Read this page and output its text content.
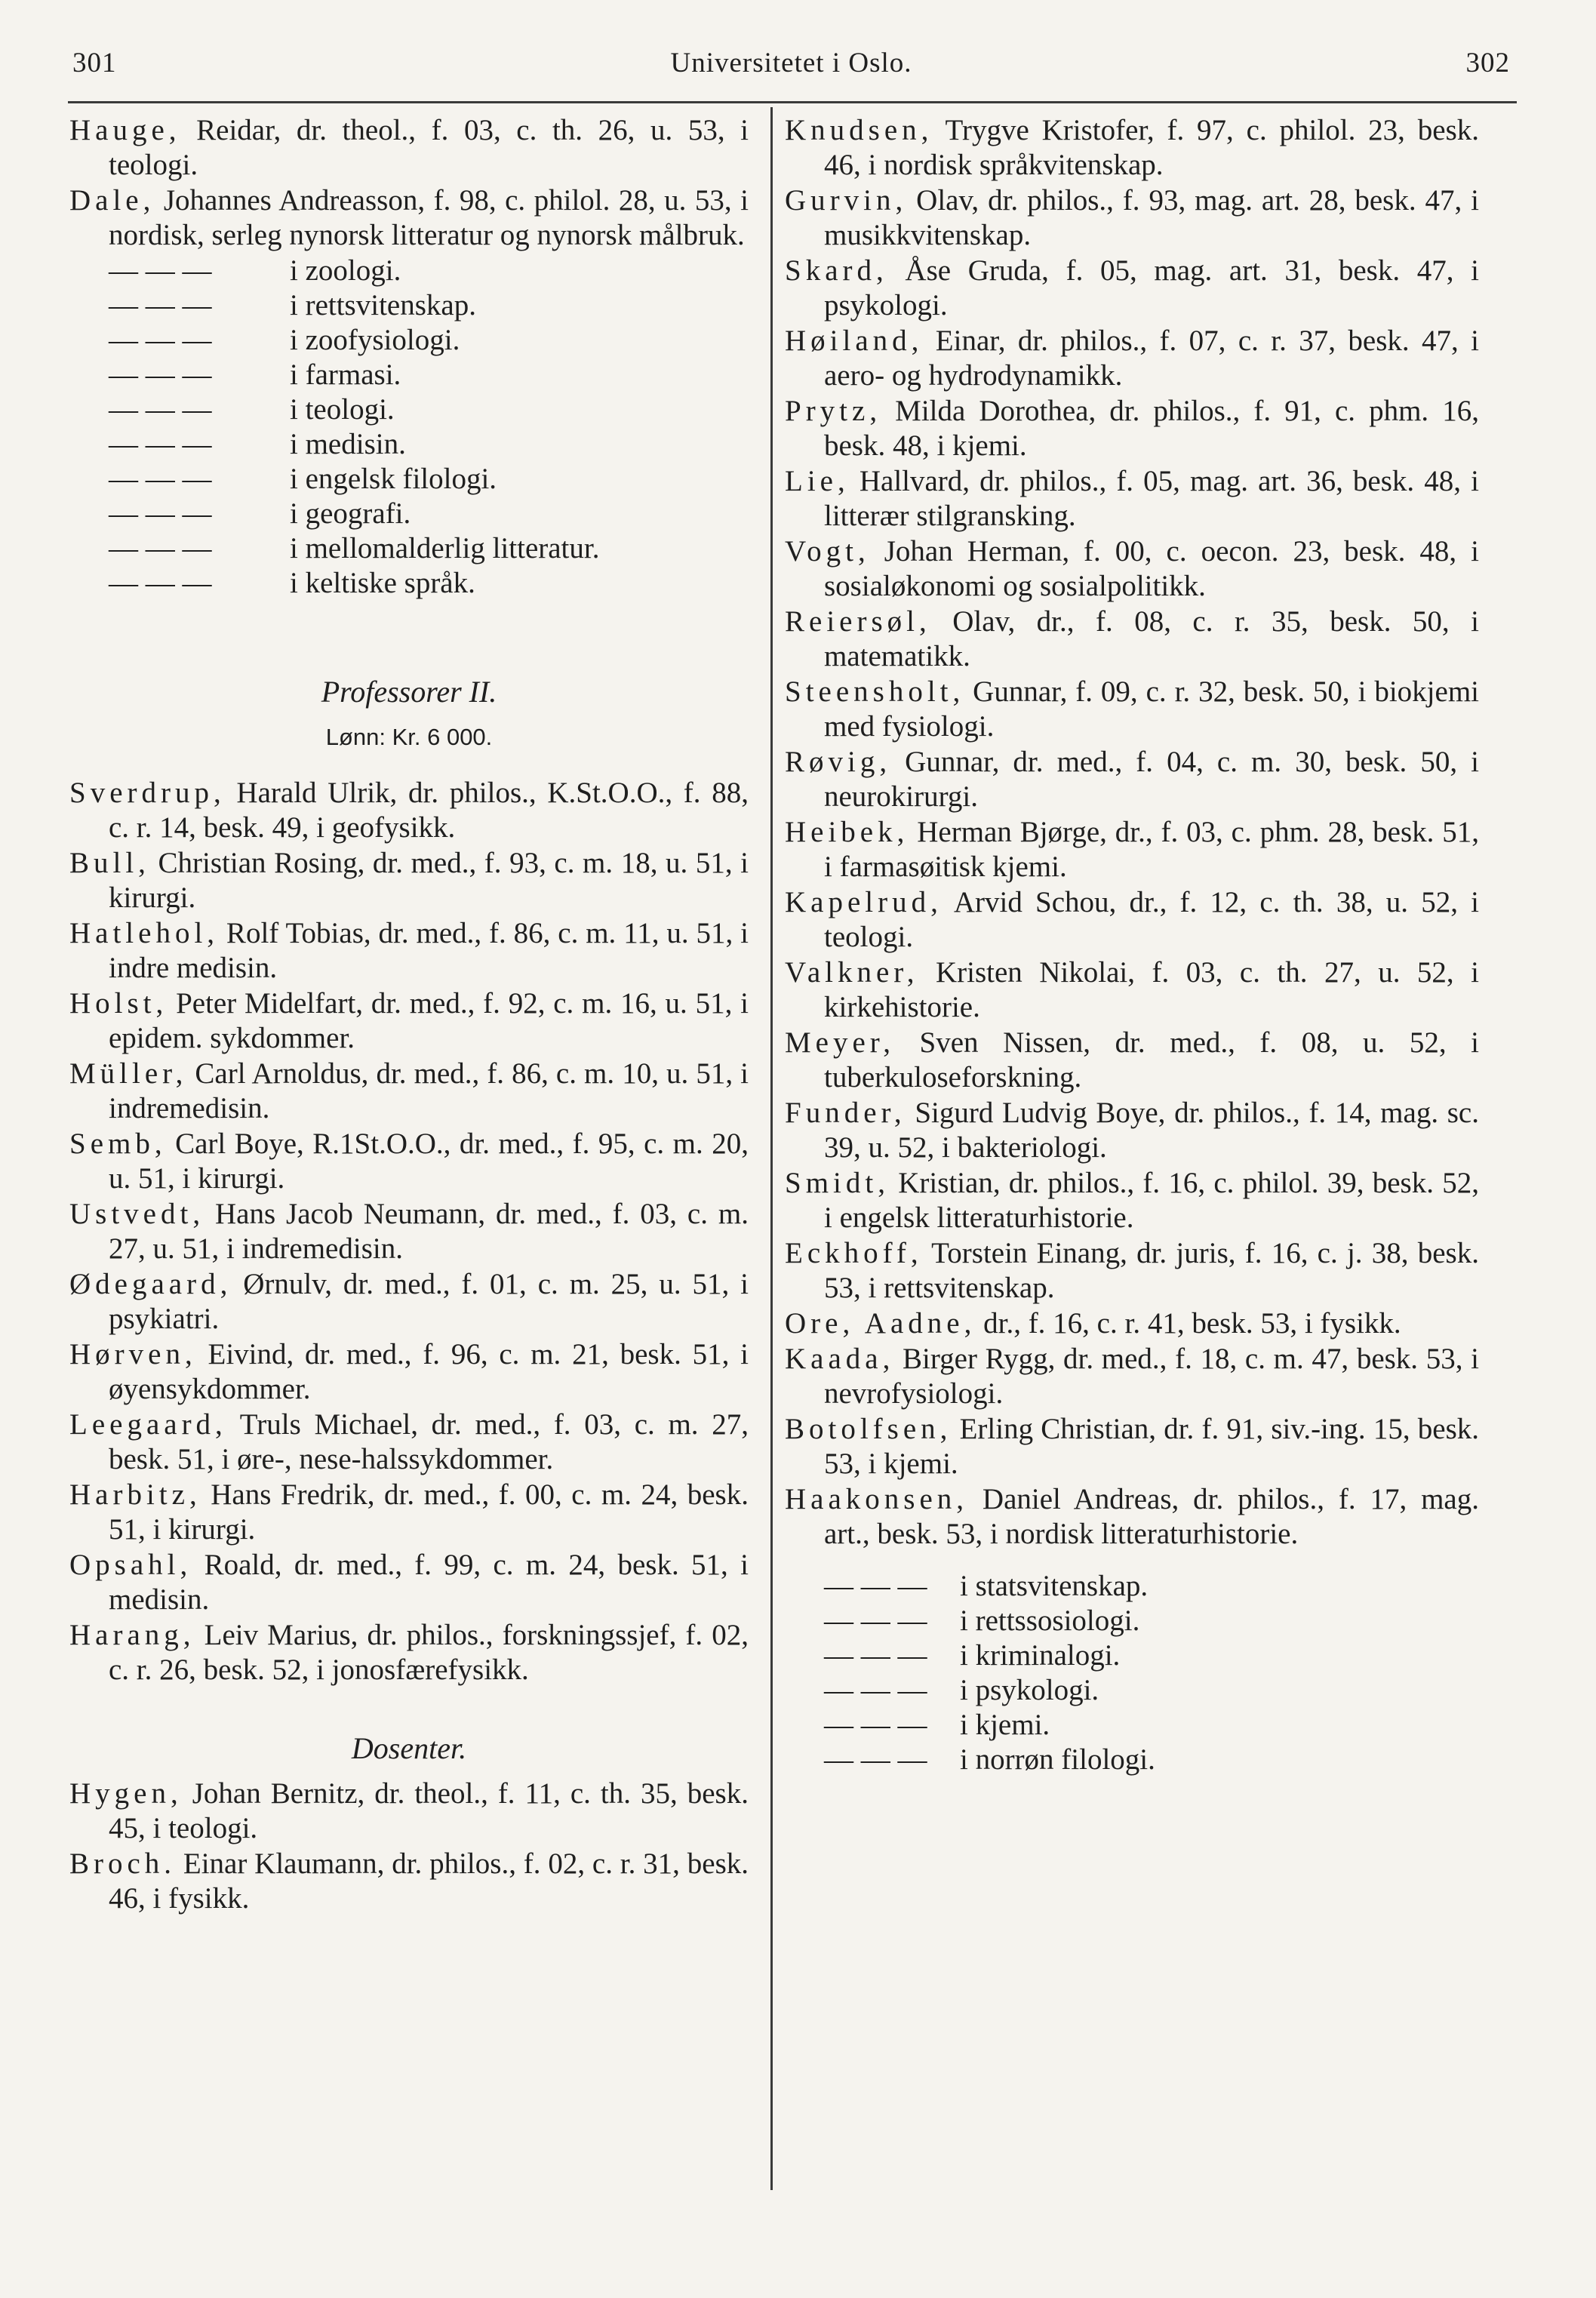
301	Universitetet i Oslo.	302
Hauge, Reidar, dr. theol., f. 03, c. th. 26, u. 53, i teologi.
Dale, Johannes Andreasson, f. 98, c. philol. 28, u. 53, i nordisk, serleg nynorsk litteratur og nynorsk målbruk.
— — —	i zoologi.
— — —	i rettsvitenskap.
— — —	i zoofysiologi.
— — —	i farmasi.
— — —	i teologi.
— — —	i medisin.
— — —	i engelsk filologi.
— — —	i geografi.
— — —	i mellomalderlig litteratur.
— — —	i keltiske språk.
Professorer II.
Lønn: Kr. 6 000.
Sverdrup, Harald Ulrik, dr. philos., K.St.O.O., f. 88, c. r. 14, besk. 49, i geofysikk.
Bull, Christian Rosing, dr. med., f. 93, c. m. 18, u. 51, i kirurgi.
Hatlehol, Rolf Tobias, dr. med., f. 86, c. m. 11, u. 51, i indre medisin.
Holst, Peter Midelfart, dr. med., f. 92, c. m. 16, u. 51, i epidem. sykdommer.
Müller, Carl Arnoldus, dr. med., f. 86, c. m. 10, u. 51, i indremedisin.
Semb, Carl Boye, R.1St.O.O., dr. med., f. 95, c. m. 20, u. 51, i kirurgi.
Ustvedt, Hans Jacob Neumann, dr. med., f. 03, c. m. 27, u. 51, i indremedisin.
Ødegaard, Ørnulv, dr. med., f. 01, c. m. 25, u. 51, i psykiatri.
Hørven, Eivind, dr. med., f. 96, c. m. 21, besk. 51, i øyensykdommer.
Leegaard, Truls Michael, dr. med., f. 03, c. m. 27, besk. 51, i øre-, nese-halssykdommer.
Harbitz, Hans Fredrik, dr. med., f. 00, c. m. 24, besk. 51, i kirurgi.
Opsahl, Roald, dr. med., f. 99, c. m. 24, besk. 51, i medisin.
Harang, Leiv Marius, dr. philos., forskningssjef, f. 02, c. r. 26, besk. 52, i jonosfærefysikk.
Dosenter.
Hygen, Johan Bernitz, dr. theol., f. 11, c. th. 35, besk. 45, i teologi.
Broch. Einar Klaumann, dr. philos., f. 02, c. r. 31, besk. 46, i fysikk.
Knudsen, Trygve Kristofer, f. 97, c. philol. 23, besk. 46, i nordisk språkvitenskap.
Gurvin, Olav, dr. philos., f. 93, mag. art. 28, besk. 47, i musikkvitenskap.
Skard, Åse Gruda, f. 05, mag. art. 31, besk. 47, i psykologi.
Høiland, Einar, dr. philos., f. 07, c. r. 37, besk. 47, i aero- og hydrodynamikk.
Prytz, Milda Dorothea, dr. philos., f. 91, c. phm. 16, besk. 48, i kjemi.
Lie, Hallvard, dr. philos., f. 05, mag. art. 36, besk. 48, i litterær stilgransking.
Vogt, Johan Herman, f. 00, c. oecon. 23, besk. 48, i sosialøkonomi og sosialpolitikk.
Reiersøl, Olav, dr., f. 08, c. r. 35, besk. 50, i matematikk.
Steensholt, Gunnar, f. 09, c. r. 32, besk. 50, i biokjemi med fysiologi.
Røvig, Gunnar, dr. med., f. 04, c. m. 30, besk. 50, i neurokirurgi.
Heibek, Herman Bjørge, dr., f. 03, c. phm. 28, besk. 51, i farmasøitisk kjemi.
Kapelrud, Arvid Schou, dr., f. 12, c. th. 38, u. 52, i teologi.
Valkner, Kristen Nikolai, f. 03, c. th. 27, u. 52, i kirkehistorie.
Meyer, Sven Nissen, dr. med., f. 08, u. 52, i tuberkuloseforskning.
Funder, Sigurd Ludvig Boye, dr. philos., f. 14, mag. sc. 39, u. 52, i bakteriologi.
Smidt, Kristian, dr. philos., f. 16, c. philol. 39, besk. 52, i engelsk litteraturhistorie.
Eckhoff, Torstein Einang, dr. juris, f. 16, c. j. 38, besk. 53, i rettsvitenskap.
Ore, Aadne, dr., f. 16, c. r. 41, besk. 53, i fysikk.
Kaada, Birger Rygg, dr. med., f. 18, c. m. 47, besk. 53, i nevrofysiologi.
Botolfsen, Erling Christian, dr. f. 91, siv.-ing. 15, besk. 53, i kjemi.
Haakonsen, Daniel Andreas, dr. philos., f. 17, mag. art., besk. 53, i nordisk litteraturhistorie.
— — — i statsvitenskap.
— — — i rettssosiologi.
— — — i kriminalogi.
— — — i psykologi.
— — — i kjemi.
— — — i norrøn filologi.
